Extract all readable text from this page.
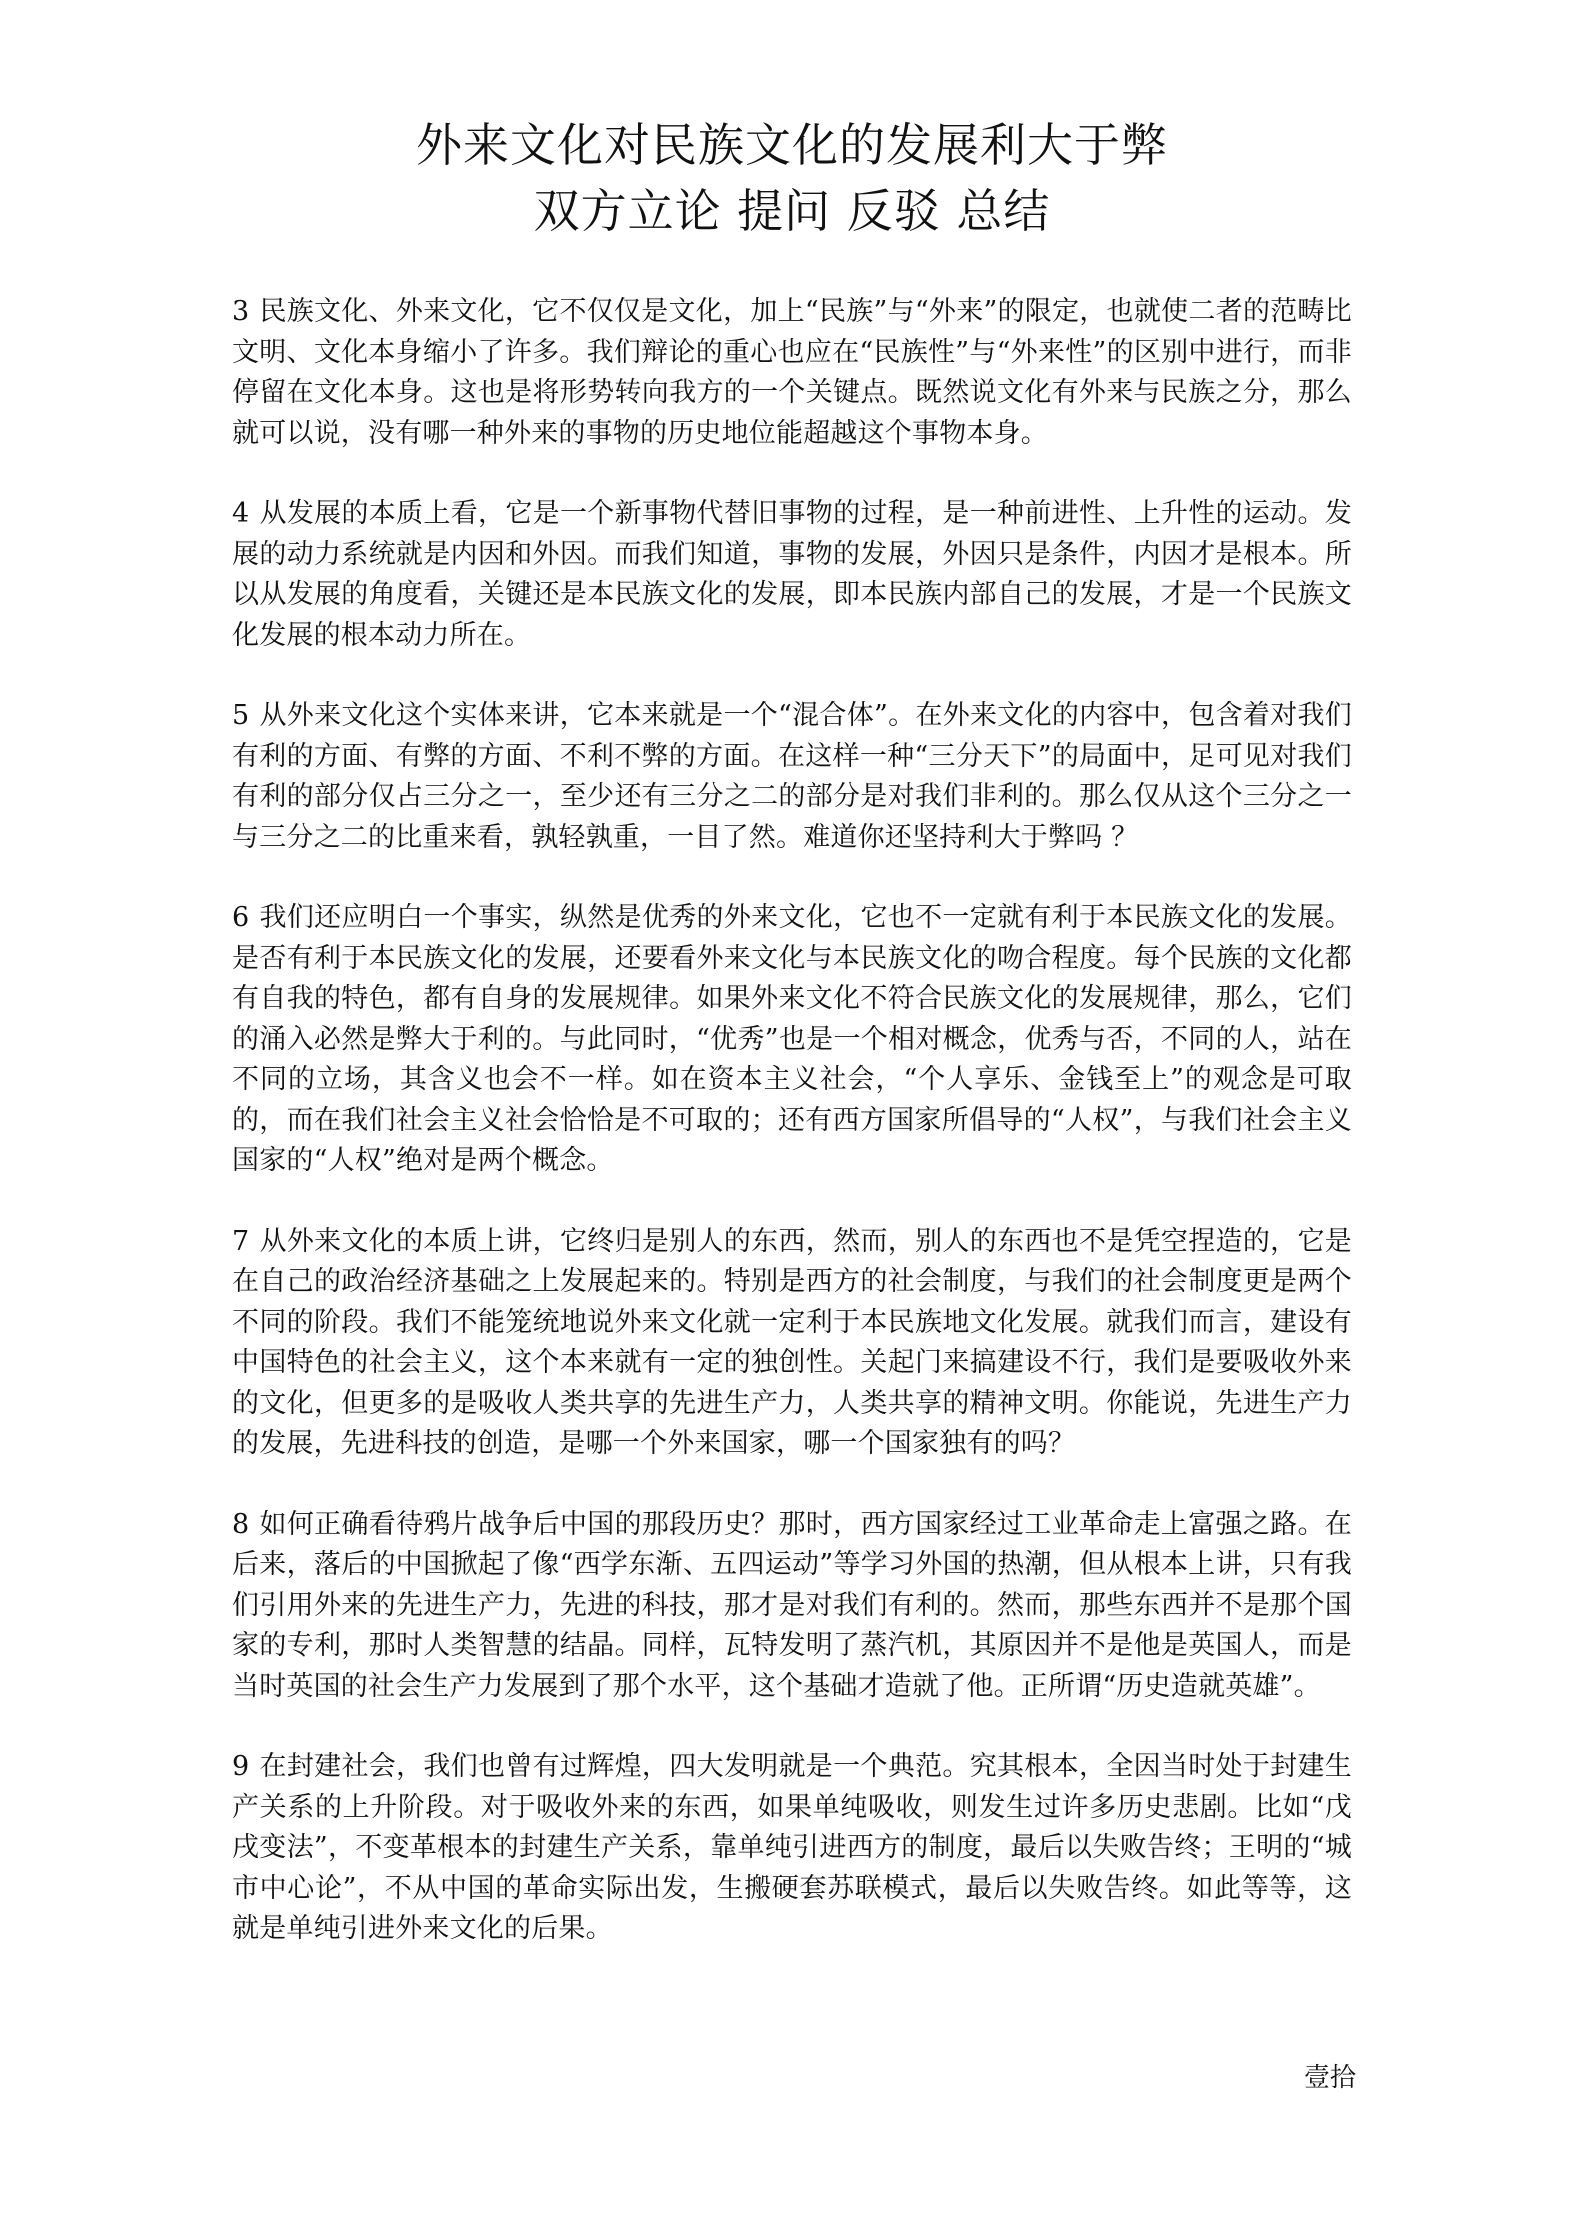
外来文化对民族文化的发展利大于弊
双方立论 提问 反驳 总结

3 民族文化、外来文化，它不仅仅是文化，加上“民族”与“外来”的限定，也就使二者的范畴比文明、文化本身缩小了许多。我们辩论的重心也应在“民族性”与“外来性”的区别中进行，而非停留在文化本身。这也是将形势转向我方的一个关键点。既然说文化有外来与民族之分，那么就可以说，没有哪一种外来的事物的历史地位能超越这个事物本身。

4 从发展的本质上看，它是一个新事物代替旧事物的过程，是一种前进性、上升性的运动。发展的动力系统就是内因和外因。而我们知道，事物的发展，外因只是条件，内因才是根本。所以从发展的角度看，关键还是本民族文化的发展，即本民族内部自己的发展，才是一个民族文化发展的根本动力所在。

5 从外来文化这个实体来讲，它本来就是一个“混合体”。在外来文化的内容中，包含着对我们有利的方面、有弊的方面、不利不弊的方面。在这样一种“三分天下”的局面中，足可见对我们有利的部分仅占三分之一，至少还有三分之二的部分是对我们非利的。那么仅从这个三分之一与三分之二的比重来看，孰轻孰重，一目了然。难道你还坚持利大于弊吗 ？

6 我们还应明白一个事实，纵然是优秀的外来文化，它也不一定就有利于本民族文化的发展。是否有利于本民族文化的发展，还要看外来文化与本民族文化的吻合程度。每个民族的文化都有自我的特色，都有自身的发展规律。如果外来文化不符合民族文化的发展规律，那么，它们的涌入必然是弊大于利的。与此同时，“优秀”也是一个相对概念，优秀与否，不同的人，站在不同的立场，其含义也会不一样。如在资本主义社会，“个人享乐、金钱至上”的观念是可取的，而在我们社会主义社会恰恰是不可取的；还有西方国家所倡导的“人权”，与我们社会主义国家的“人权”绝对是两个概念。

7 从外来文化的本质上讲，它终归是别人的东西，然而，别人的东西也不是凭空捏造的，它是在自己的政治经济基础之上发展起来的。特别是西方的社会制度，与我们的社会制度更是两个不同的阶段。我们不能笼统地说外来文化就一定利于本民族地文化发展。就我们而言，建设有中国特色的社会主义，这个本来就有一定的独创性。关起门来搞建设不行，我们是要吸收外来的文化，但更多的是吸收人类共享的先进生产力，人类共享的精神文明。你能说，先进生产力的发展，先进科技的创造，是哪一个外来国家，哪一个国家独有的吗？

8 如何正确看待鸦片战争后中国的那段历史？那时，西方国家经过工业革命走上富强之路。在后来，落后的中国掀起了像“西学东渐、五四运动”等学习外国的热潮，但从根本上讲，只有我们引用外来的先进生产力，先进的科技，那才是对我们有利的。然而，那些东西并不是那个国家的专利，那时人类智慧的结晶。同样，瓦特发明了蒸汽机，其原因并不是他是英国人，而是当时英国的社会生产力发展到了那个水平，这个基础才造就了他。正所谓“历史造就英雄”。

9 在封建社会，我们也曾有过辉煌，四大发明就是一个典范。究其根本，全因当时处于封建生产关系的上升阶段。对于吸收外来的东西，如果单纯吸收，则发生过许多历史悲剧。比如“戊戌变法”，不变革根本的封建生产关系，靠单纯引进西方的制度，最后以失败告终；王明的“城市中心论”，不从中国的革命实际出发，生搬硬套苏联模式，最后以失败告终。如此等等，这就是单纯引进外来文化的后果。

壹拾
